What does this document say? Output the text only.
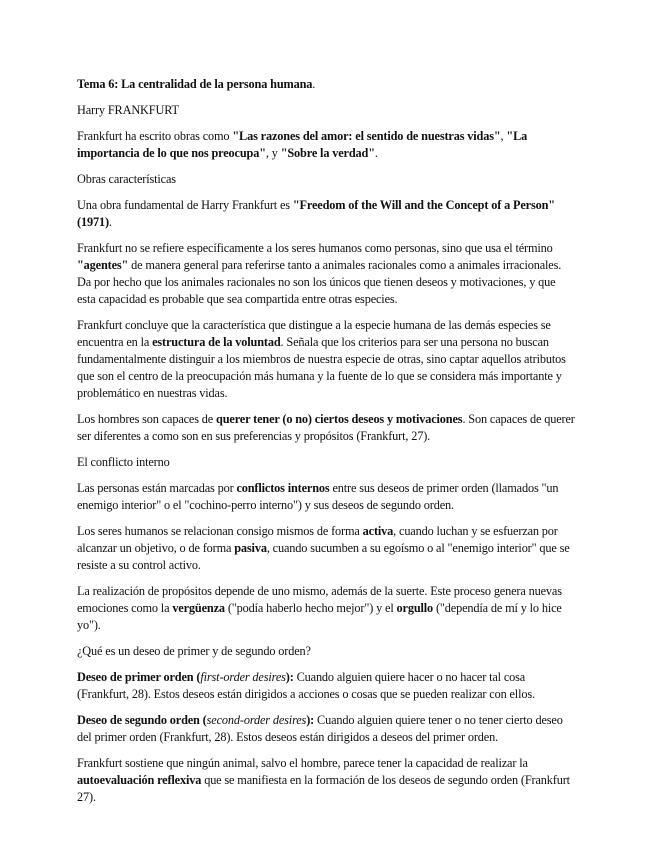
Tema 6: La centralidad de la persona humana.

Harry FRANKFURT

Frankfurt ha escrito obras como "Las razones del amor: el sentido de nuestras vidas", "La importancia de lo que nos preocupa", y "Sobre la verdad".

Obras características

Una obra fundamental de Harry Frankfurt es "Freedom of the Will and the Concept of a Person" (1971).

Frankfurt no se refiere específicamente a los seres humanos como personas, sino que usa el término "agentes" de manera general para referirse tanto a animales racionales como a animales irracionales. Da por hecho que los animales racionales no son los únicos que tienen deseos y motivaciones, y que esta capacidad es probable que sea compartida entre otras especies.

Frankfurt concluye que la característica que distingue a la especie humana de las demás especies se encuentra en la estructura de la voluntad. Señala que los criterios para ser una persona no buscan fundamentalmente distinguir a los miembros de nuestra especie de otras, sino captar aquellos atributos que son el centro de la preocupación más humana y la fuente de lo que se considera más importante y problemático en nuestras vidas.

Los hombres son capaces de querer tener (o no) ciertos deseos y motivaciones. Son capaces de querer ser diferentes a como son en sus preferencias y propósitos (Frankfurt, 27).

El conflicto interno

Las personas están marcadas por conflictos internos entre sus deseos de primer orden (llamados "un enemigo interior" o el "cochino-perro interno") y sus deseos de segundo orden.

Los seres humanos se relacionan consigo mismos de forma activa, cuando luchan y se esfuerzan por alcanzar un objetivo, o de forma pasiva, cuando sucumben a su egoísmo o al "enemigo interior" que se resiste a su control activo.

La realización de propósitos depende de uno mismo, además de la suerte. Este proceso genera nuevas emociones como la vergüenza ("podía haberlo hecho mejor") y el orgullo ("dependía de mí y lo hice yo").

¿Qué es un deseo de primer y de segundo orden?

Deseo de primer orden (first-order desires): Cuando alguien quiere hacer o no hacer tal cosa (Frankfurt, 28). Estos deseos están dirigidos a acciones o cosas que se pueden realizar con ellos.

Deseo de segundo orden (second-order desires): Cuando alguien quiere tener o no tener cierto deseo del primer orden (Frankfurt, 28). Estos deseos están dirigidos a deseos del primer orden.

Frankfurt sostiene que ningún animal, salvo el hombre, parece tener la capacidad de realizar la autoevaluación reflexiva que se manifiesta en la formación de los deseos de segundo orden (Frankfurt 27).
